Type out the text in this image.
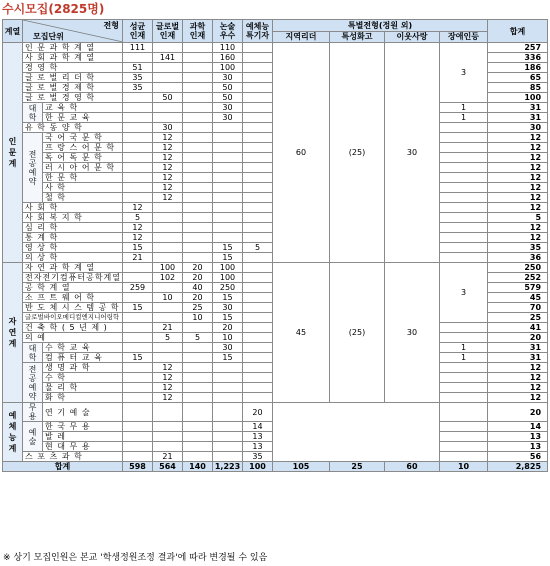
수시모집(2825명)
계열	전형
모집단위		성균
인재	글로벌
인재	과학
인재	논술
우수	예체능
특기자	특별전형(정원 외)				합계
								지역리더	특성화고	이웃사랑	장애인등	
인 문 계	인 문 과 학 계 열		111			110		60	(25)	30	3	257
	사 회 과 학 계 열			141		160						336
	경 영 학		51			100						186
	글 로 벌 리 더 학		35			30						65
	글 로 벌 경 제 학		35			50						85
	글 로 벌 경 영 학			50		50						100
	대학	교 육 학				30					1	31
		한 문 교 육				30					1	31
	유 학 동 양 학			30								30
	전공예약	국 어 국 문 학		12								12
		프 랑 스 어 문 학		12								12
		독 어 독 문 학		12								12
		러 시 아 어 문 학		12								12
		한 문 학		12								12
		사 학		12								12
		철 학		12								12
	사 회 학		12									12
	사 회 복 지 학		5									5
	심 리 학		12									12
	통 계 학		12									12
	영 상 학		15			15	5					35
	의 상 학		21			15						36
자 연 계	자 연 과 학 계 열			100	20	100		45	(25)	30	3	250
	전자전기컴퓨터공학계열			102	20	100						252
	공 학 계 열		259		40	250						579
	소 프 트 웨 어 학			10	20	15						45
	반 도 체 시 스 템 공 학		15		25	30						70
	글로벌바이오메디컬엔지니어링학				10	15						25
	건 축 학 ( 5 년 제 )			21		20						41
	의 예			5	5	10						20
	대학	수 학 교 육				30					1	31
		컴 퓨 터 교 육	15			15					1	31
	전공예약	생 명 과 학		12								12
		수 학		12								12
		물 리 학		12								12
		화 학		12								12
예 체 능 계	무용	연 기 예 술					20					20
	예술	한 국 무 용					14					14
		발 레					13					13
		현 대 무 용					13					13
	스 포 츠 과 학			21			35					56
합계			598	564	140	1,223	100	105	25	60	10	2,825
※ 상기 모집인원은 본교 '학생정원조정 결과'에 따라 변경될 수 있음
